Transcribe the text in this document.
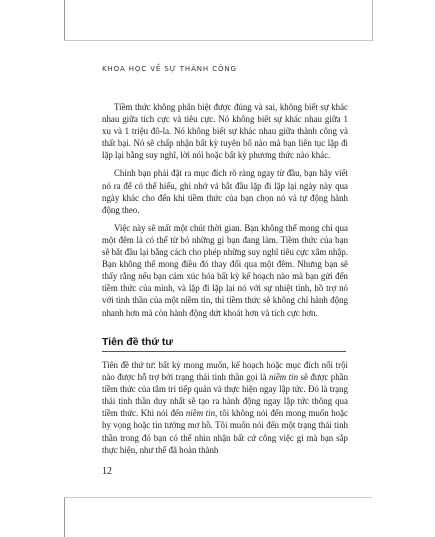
KHOA HỌC VỀ SỰ THÀNH CÔNG

Tiềm thức không phân biệt được đúng và sai, không biết sự khác nhau giữa tích cực và tiêu cực. Nó không biết sự khác nhau giữa 1 xu và 1 triệu đô-la. Nó không biết sự khác nhau giữa thành công và thất bại. Nó sẽ chấp nhận bất kỳ tuyên bố nào mà bạn liên tục lặp đi lặp lại bằng suy nghĩ, lời nói hoặc bất kỳ phương thức nào khác.

Chính bạn phải đặt ra mục đích rõ ràng ngay từ đầu, bạn hãy viết nó ra để có thể hiểu, ghi nhớ và bắt đầu lặp đi lặp lại ngày này qua ngày khác cho đến khi tiềm thức của bạn chọn nó và tự động hành động theo.

Việc này sẽ mất một chút thời gian. Bạn không thể mong chỉ qua một đêm là có thể từ bỏ những gì bạn đang làm. Tiềm thức của bạn sẽ bắt đầu lại bằng cách cho phép những suy nghĩ tiêu cực xâm nhập. Bạn không thể mong điều đó thay đổi qua một đêm. Nhưng bạn sẽ thấy rằng nếu bạn cảm xúc hóa bất kỳ kế hoạch nào mà bạn gửi đến tiềm thức của mình, và lặp đi lặp lại nó với sự nhiệt tình, hồ trợ nó với tinh thần của một niềm tin, thì tiềm thức sẽ không chỉ hành động nhanh hơn mà còn hành động dứt khoát hơn và tích cực hơn.

Tiên đề thứ tư

Tiên đề thứ tư: bất kỳ mong muốn, kế hoạch hoặc mục đích nổi trội nào được hỗ trợ bởi trạng thái tinh thần gọi là niềm tin sẽ được phần tiềm thức của tâm trí tiếp quản và thực hiện ngay lập tức. Đó là trạng thái tinh thần duy nhất sẽ tạo ra hành động ngay lập tức thông qua tiềm thức. Khi nói đến niềm tin, tôi không nói đến mong muốn hoặc hy vọng hoặc tin tưởng mơ hồ. Tôi muốn nói đến một trạng thái tinh thần trong đó bạn có thể nhìn nhận bất cứ công việc gì mà bạn sắp thực hiện, như thể đã hoàn thành

12
